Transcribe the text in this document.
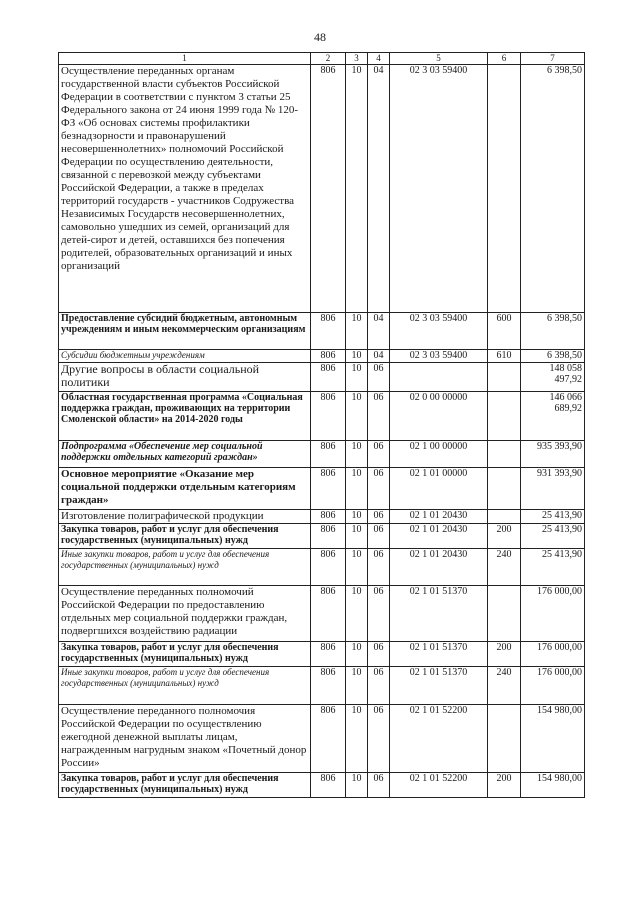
48
1	2	3	4	5	6	7
Осуществление переданных органам государственной власти субъектов Российской Федерации в соответствии с пунктом 3 статьи 25 Федерального закона от 24 июня 1999 года № 120-ФЗ «Об основах системы профилактики безнадзорности и правонарушений несовершеннолетних» полномочий Российской Федерации по осуществлению деятельности, связанной с перевозкой между субъектами Российской Федерации, а также в пределах территорий государств - участников Содружества Независимых Государств несовершеннолетних, самовольно ушедших из семей, организаций для детей-сирот и детей, оставшихся без попечения родителей, образовательных организаций и иных организаций	806	10	04	02 3 03 59400		6 398,50
Предоставление субсидий бюджетным, автономным учреждениям и иным некоммерческим организациям	806	10	04	02 3 03 59400	600	6 398,50
Субсидии бюджетным учреждениям	806	10	04	02 3 03 59400	610	6 398,50
Другие вопросы в области социальной политики	806	10	06			148 058 497,92
Областная государственная программа «Социальная поддержка граждан, проживающих на территории Смоленской области» на 2014-2020 годы	806	10	06	02 0 00 00000		146 066 689,92
Подпрограмма «Обеспечение мер социальной поддержки отдельных категорий граждан»	806	10	06	02 1 00 00000		935 393,90
Основное мероприятие «Оказание мер социальной поддержки отдельным категориям граждан»	806	10	06	02 1 01 00000		931 393,90
Изготовление полиграфической продукции	806	10	06	02 1 01 20430		25 413,90
Закупка товаров, работ и услуг для обеспечения государственных (муниципальных) нужд	806	10	06	02 1 01 20430	200	25 413,90
Иные закупки товаров, работ и услуг для обеспечения государственных (муниципальных) нужд	806	10	06	02 1 01 20430	240	25 413,90
Осуществление переданных полномочий Российской Федерации по предоставлению отдельных мер социальной поддержки граждан, подвергшихся воздействию радиации	806	10	06	02 1 01 51370		176 000,00
Закупка товаров, работ и услуг для обеспечения государственных (муниципальных) нужд	806	10	06	02 1 01 51370	200	176 000,00
Иные закупки товаров, работ и услуг для обеспечения государственных (муниципальных) нужд	806	10	06	02 1 01 51370	240	176 000,00
Осуществление переданного полномочия Российской Федерации по осуществлению ежегодной денежной выплаты лицам, награжденным нагрудным знаком «Почетный донор России»	806	10	06	02 1 01 52200		154 980,00
Закупка товаров, работ и услуг для обеспечения государственных (муниципальных) нужд	806	10	06	02 1 01 52200	200	154 980,00
